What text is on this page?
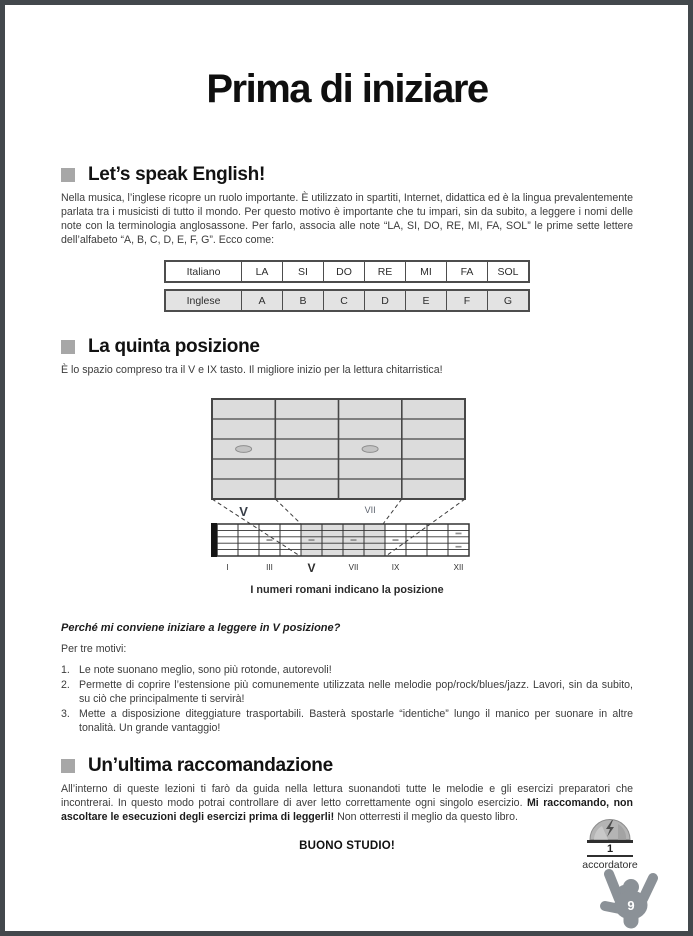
Prima di iniziare
Let’s speak English!

Nella musica, l’inglese ricopre un ruolo importante. È utilizzato in spartiti, Internet, didattica ed è la lingua prevalentemente parlata tra i musicisti di tutto il mondo. Per questo motivo è importante che tu impari, sin da subito, a leggere i nomi delle note con la terminologia anglosassone. Per farlo, associa alle note “LA, SI, DO, RE, MI, FA, SOL” le prime sette lettere dell’alfabeto “A, B, C, D, E, F, G”. Ecco come:

Italiano	LA	SI	DO	RE	MI	FA	SOL
Inglese	A	B	C	D	E	F	G
La quinta posizione

È lo spazio compreso tra il V e IX tasto. Il migliore inizio per la lettura chitarristica!

V	VII
I	III	V	VII	IX	XII
I numeri romani indicano la posizione
Perché mi conviene iniziare a leggere in V posizione?
Per tre motivi:
1. Le note suonano meglio, sono più rotonde, autorevoli!
2. Permette di coprire l’estensione più comunemente utilizzata nelle melodie pop/rock/blues/jazz. Lavori, sin da subito, su ciò che principalmente ti servirà!
3. Mette a disposizione diteggiature trasportabili. Basterà spostarle “identiche” lungo il manico per suonare in altre tonalità. Un grande vantaggio!
Un’ultima raccomandazione

All’interno di queste lezioni ti farò da guida nella lettura suonandoti tutte le melodie e gli esercizi preparatori che incontrerai. In questo modo potrai controllare di aver letto correttamente ogni singolo esercizio. Mi raccomando, non ascoltare le esecuzioni degli esercizi prima di leggerli! Non otterresti il meglio da questo libro.

BUONO STUDIO!	1
accordatore
9
